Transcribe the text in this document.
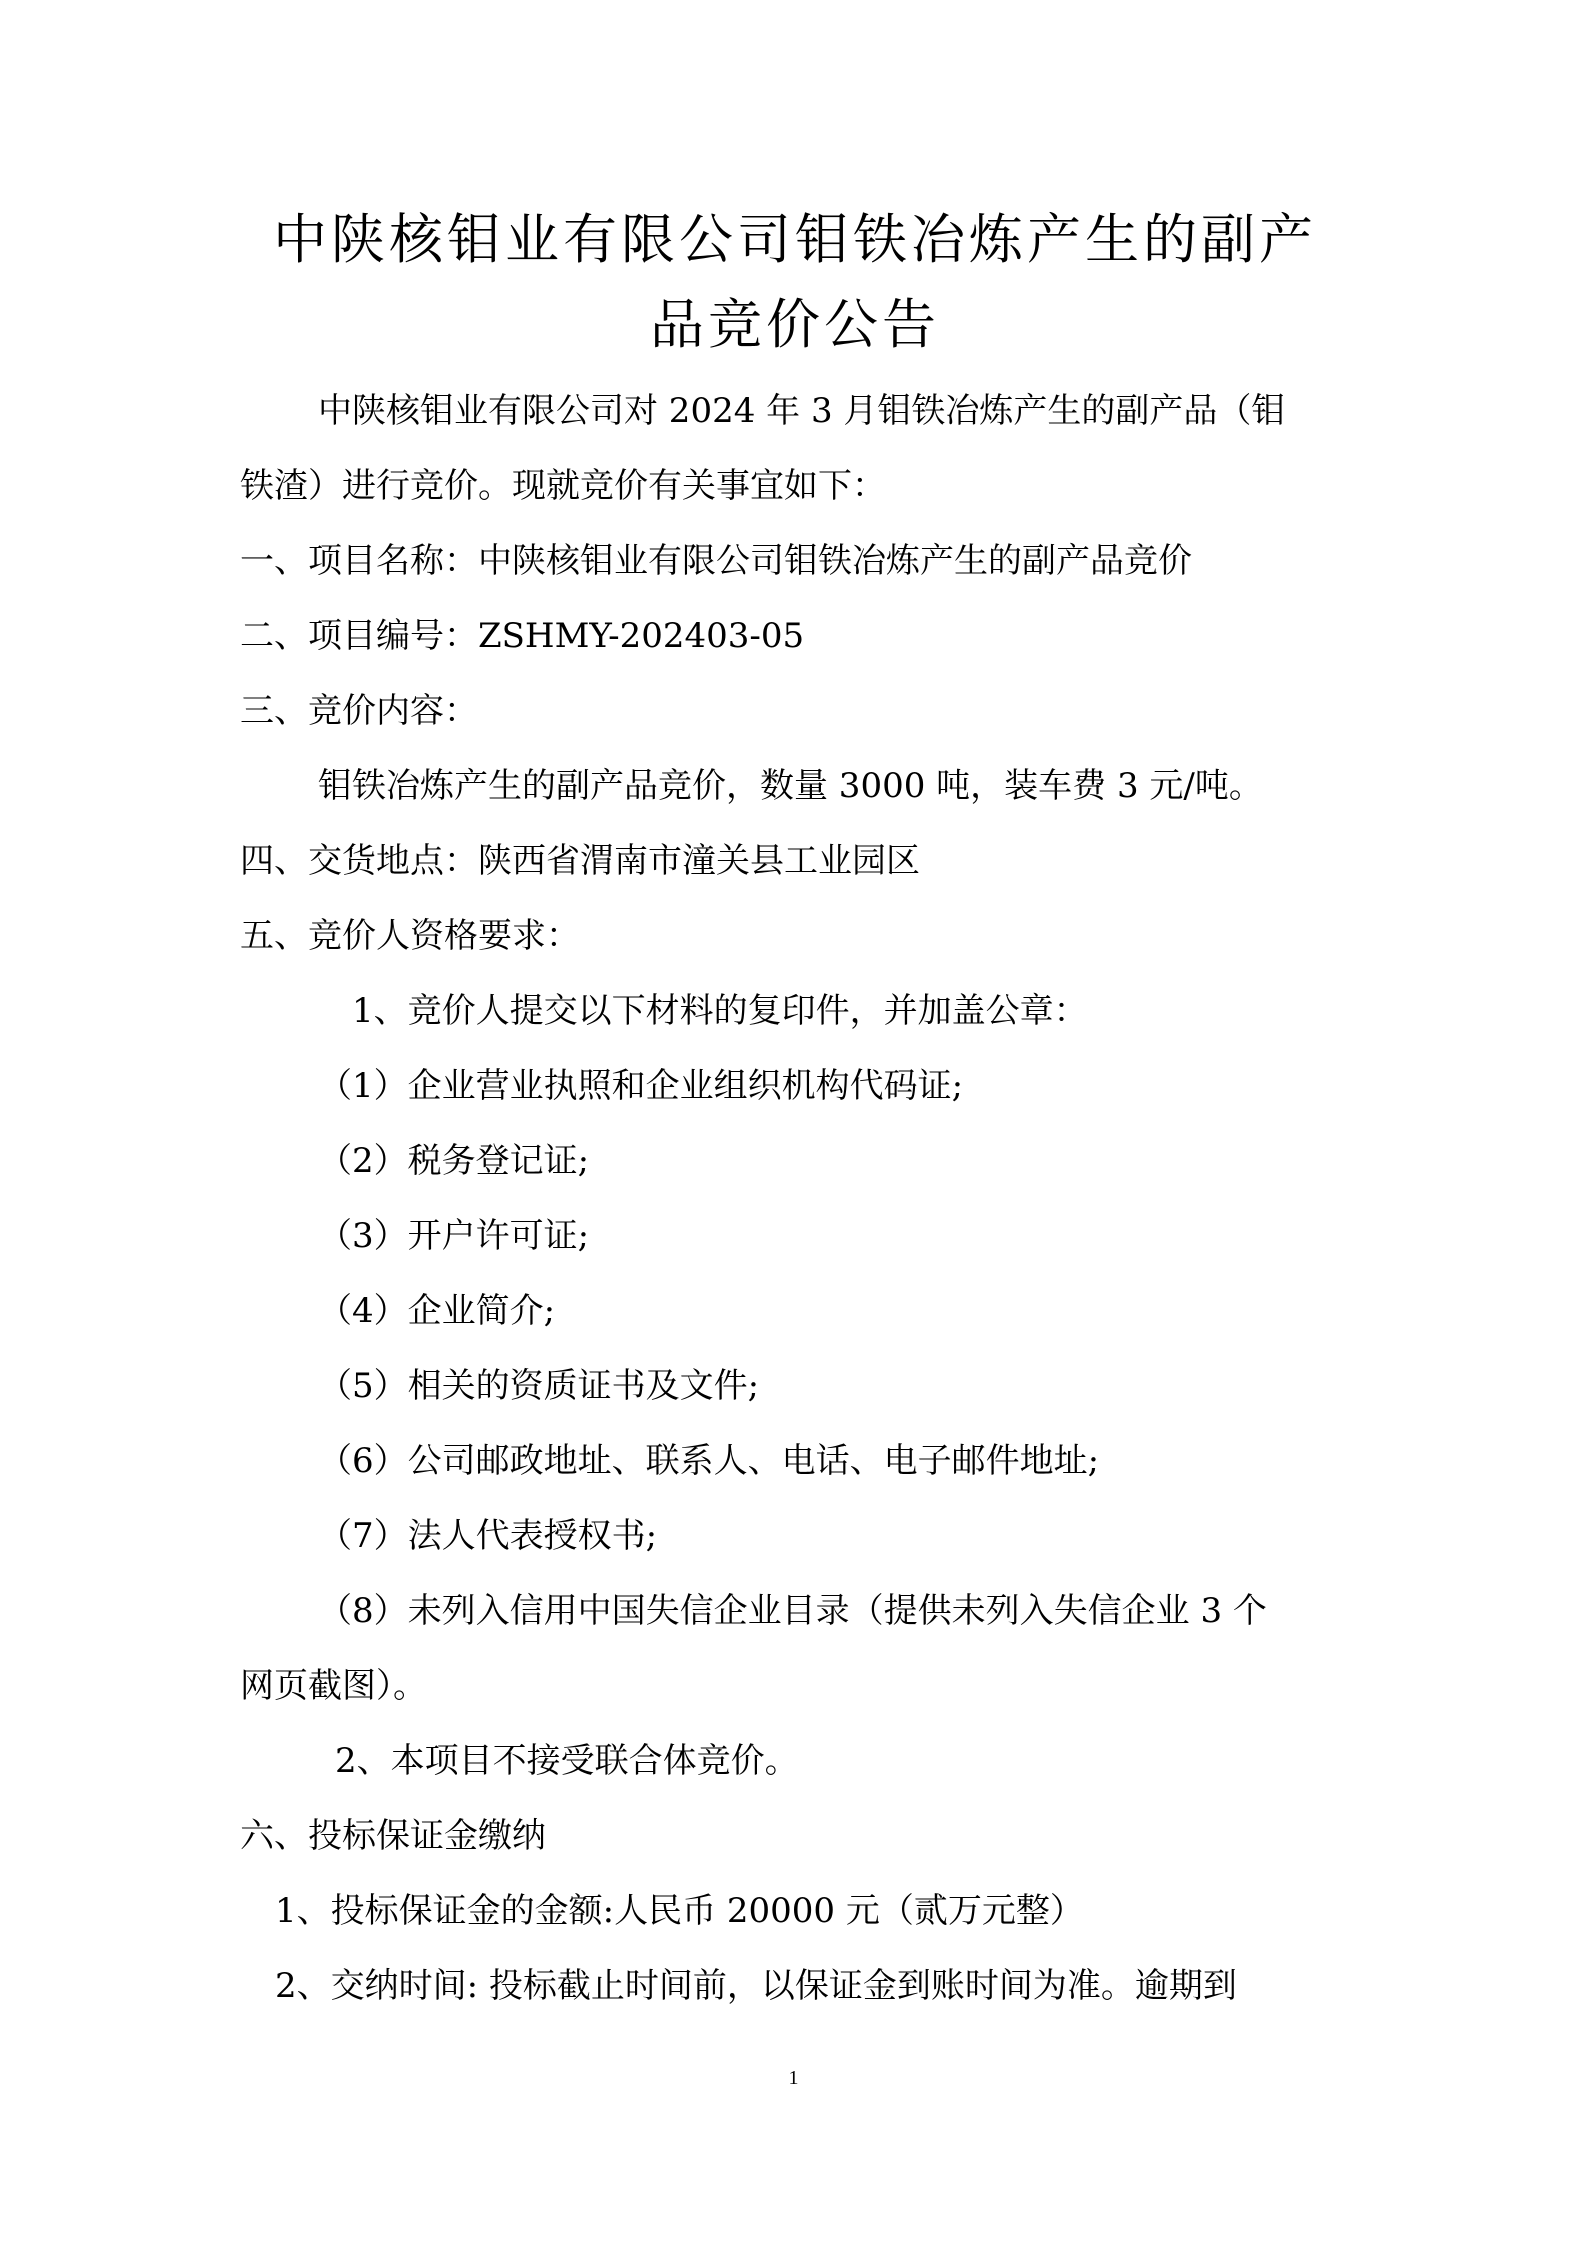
中陕核钼业有限公司钼铁冶炼产生的副产
品竞价公告
中陕核钼业有限公司对 2024 年 3 月钼铁冶炼产生的副产品（钼
铁渣）进行竞价。现就竞价有关事宜如下：
一、项目名称：中陕核钼业有限公司钼铁冶炼产生的副产品竞价
二、项目编号：ZSHMY-202403-05
三、竞价内容：
钼铁冶炼产生的副产品竞价，数量 3000 吨，装车费 3 元/吨。
四、交货地点：陕西省渭南市潼关县工业园区
五、竞价人资格要求：
1、竞价人提交以下材料的复印件，并加盖公章：
（1）企业营业执照和企业组织机构代码证;
（2）税务登记证;
（3）开户许可证;
（4）企业简介;
（5）相关的资质证书及文件;
（6）公司邮政地址、联系人、电话、电子邮件地址;
（7）法人代表授权书;
（8）未列入信用中国失信企业目录（提供未列入失信企业 3 个
网页截图）。
2、本项目不接受联合体竞价。
六、投标保证金缴纳
1、投标保证金的金额:人民币 20000 元（贰万元整）
2、交纳时间: 投标截止时间前，以保证金到账时间为准。逾期到
1
